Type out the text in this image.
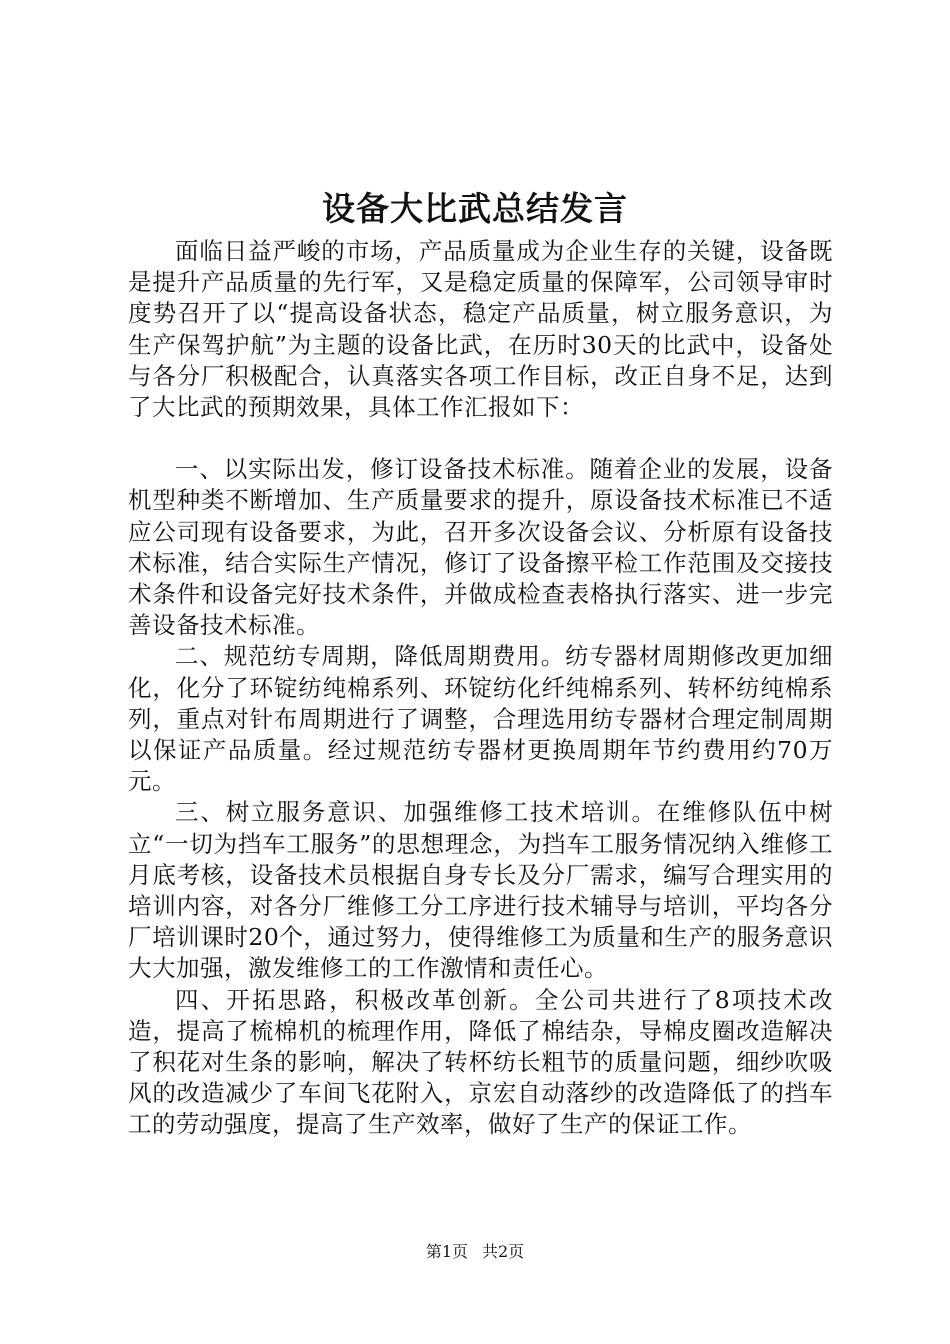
设备大比武总结发言

面临日益严峻的市场，产品质量成为企业生存的关键，设备既是提升产品质量的先行军，又是稳定质量的保障军，公司领导审时度势召开了以“提高设备状态，稳定产品质量，树立服务意识，为生产保驾护航”为主题的设备比武，在历时30天的比武中，设备处与各分厂积极配合，认真落实各项工作目标，改正自身不足，达到了大比武的预期效果，具体工作汇报如下：

一、以实际出发，修订设备技术标准。随着企业的发展，设备机型种类不断增加、生产质量要求的提升，原设备技术标准已不适应公司现有设备要求，为此，召开多次设备会议、分析原有设备技术标准，结合实际生产情况，修订了设备擦平检工作范围及交接技术条件和设备完好技术条件，并做成检查表格执行落实、进一步完善设备技术标准。

二、规范纺专周期，降低周期费用。纺专器材周期修改更加细化，化分了环锭纺纯棉系列、环锭纺化纤纯棉系列、转杯纺纯棉系列，重点对针布周期进行了调整，合理选用纺专器材合理定制周期以保证产品质量。经过规范纺专器材更换周期年节约费用约70万元。

三、树立服务意识、加强维修工技术培训。在维修队伍中树立“一切为挡车工服务”的思想理念，为挡车工服务情况纳入维修工月底考核，设备技术员根据自身专长及分厂需求，编写合理实用的培训内容，对各分厂维修工分工序进行技术辅导与培训，平均各分厂培训课时20个，通过努力，使得维修工为质量和生产的服务意识大大加强，激发维修工的工作激情和责任心。

四、开拓思路，积极改革创新。全公司共进行了8项技术改造，提高了梳棉机的梳理作用，降低了棉结杂，导棉皮圈改造解决了积花对生条的影响，解决了转杯纺长粗节的质量问题，细纱吹吸风的改造减少了车间飞花附入，京宏自动落纱的改造降低了的挡车工的劳动强度，提高了生产效率，做好了生产的保证工作。

第1页 共2页
